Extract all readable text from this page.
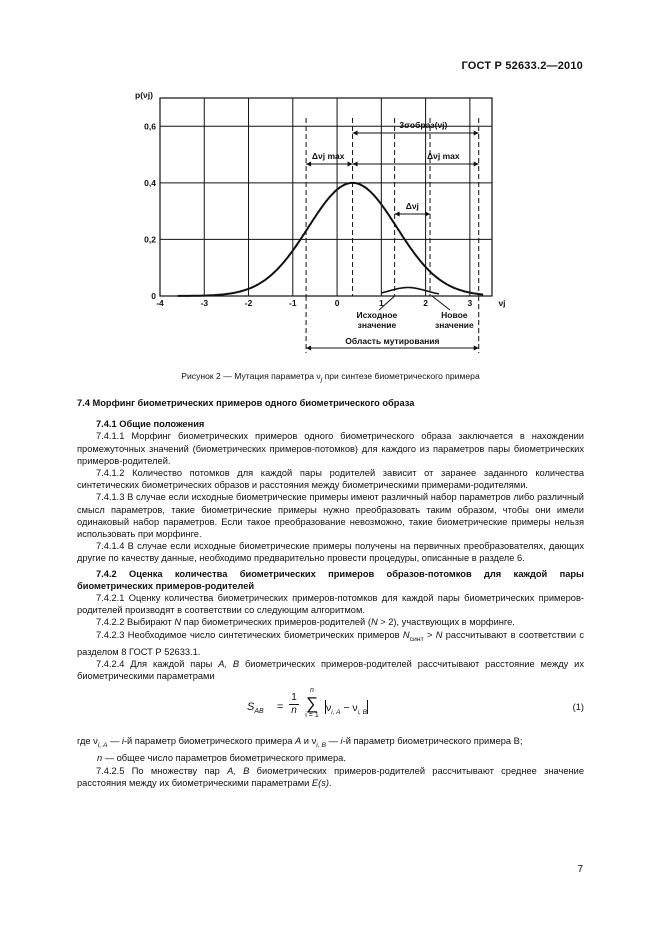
ГОСТ Р 52633.2—2010
0
0,2
0,4
0,6
p(νj)
-4	-3	-2	-1	0	1	2	3	νj
3σобраз(νj)
Δνj max	Δνj max
Δνj
Исходное
значение
Новое
значение
Область мутирования
Рисунок 2 — Мутация параметра $\nu_j$ при синтезе биометрического примера

7.4 Морфинг биометрических примеров одного биометрического образа

7.4.1 Общие положения

7.4.1.1 Морфинг биометрических примеров одного биометрического образа заключается в нахождении промежуточных значений (биометрических примеров-потомков) для каждого из параметров пары биометрических примеров-родителей.

7.4.1.2 Количество потомков для каждой пары родителей зависит от заранее заданного количества синтетических биометрических образов и расстояния между биометрическими примерами-родителями.

7.4.1.3 В случае если исходные биометрические примеры имеют различный набор параметров либо различный смысл параметров, такие биометрические примеры нужно преобразовать таким образом, чтобы они имели одинаковый набор параметров. Если такое преобразование невозможно, такие биометрические примеры нельзя использовать при морфинге.

7.4.1.4 В случае если исходные биометрические примеры получены на первичных преобразователях, дающих другие по качеству данные, необходимо предварительно провести процедуры, описанные в разделе 6.

7.4.2 Оценка количества биометрических примеров образов-потомков для каждой пары биометрических примеров-родителей

7.4.2.1 Оценку количества биометрических примеров-потомков для каждой пары биометрических примеров-родителей производят в соответствии со следующим алгоритмом.

7.4.2.2 Выбирают N пар биометрических примеров-родителей (N > 2), участвующих в морфинге.

7.4.2.3 Необходимое число синтетических биометрических примеров $N_{синт} > N$ рассчитывают в соответствии с разделом 8 ГОСТ Р 52633.1.

7.4.2.4 Для каждой пары A, B биометрических примеров-родителей рассчитывают расстояние между их биометрическими параметрами

$S_{AB} = \frac{1}{n}$
n
∑
i = 1
$\nu_{i, A} - \nu_{i, B}$
(1)

где $\nu_{i, A}$ — i-й параметр биометрического примера A и $\nu_{i, B}$ — i-й параметр биометрического примера B;

n — общее число параметров биометрического примера.

7.4.2.5 По множеству пар A, B биометрических примеров-родителей рассчитывают среднее значение расстояния между их биометрическими параметрами E(s).

7
